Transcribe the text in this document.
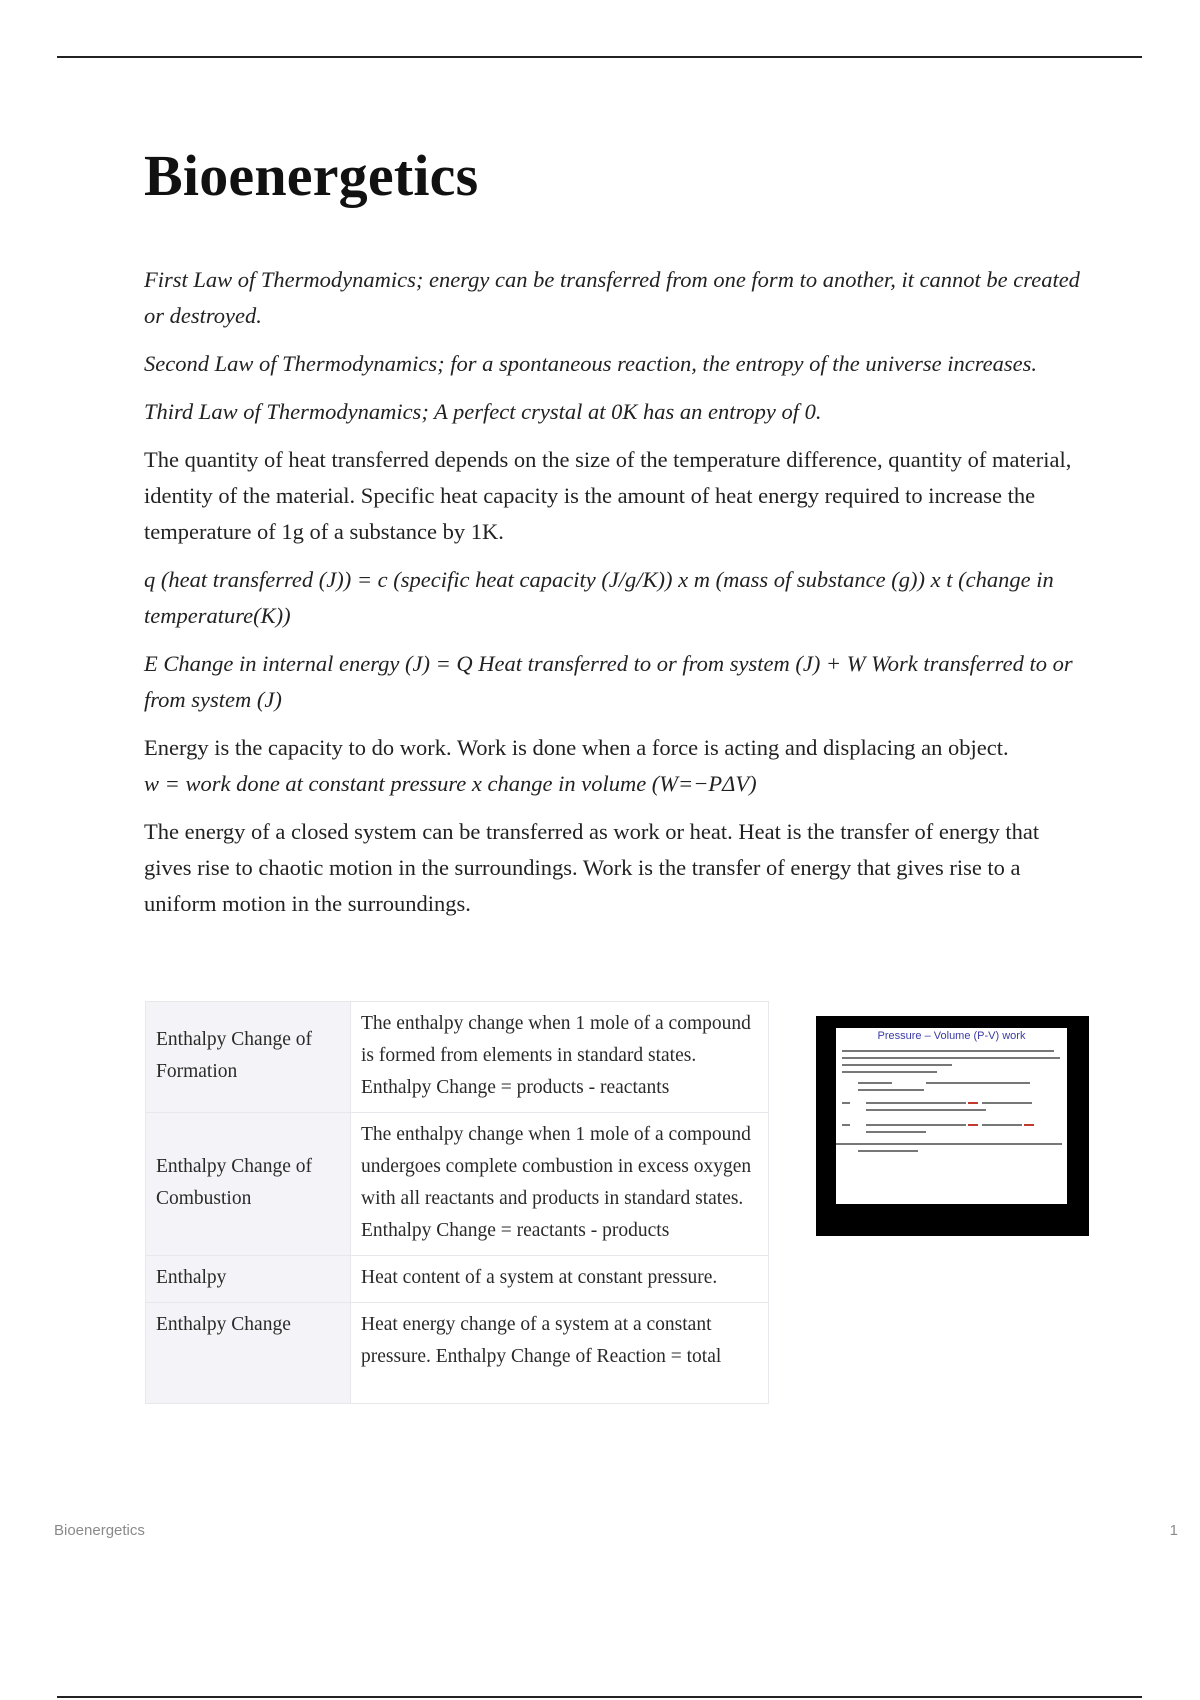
Bioenergetics

First Law of Thermodynamics; energy can be transferred from one form to another, it cannot be created or destroyed.

Second Law of Thermodynamics; for a spontaneous reaction, the entropy of the universe increases.

Third Law of Thermodynamics; A perfect crystal at 0K has an entropy of 0.

The quantity of heat transferred depends on the size of the temperature difference, quantity of material, identity of the material. Specific heat capacity is the amount of heat energy required to increase the temperature of 1g of a substance by 1K.

q (heat transferred (J)) = c (specific heat capacity (J/g/K)) x m (mass of substance (g)) x t (change in temperature(K))

E Change in internal energy (J) = Q Heat transferred to or from system (J) + W Work transferred to or from system (J)

Energy is the capacity to do work. Work is done when a force is acting and displacing an object.
w = work done at constant pressure x change in volume (W=−PΔV)

The energy of a closed system can be transferred as work or heat. Heat is the transfer of energy that gives rise to chaotic motion in the surroundings. Work is the transfer of energy that gives rise to a uniform motion in the surroundings.

Enthalpy Change of Formation	The enthalpy change when 1 mole of a compound is formed from elements in standard states. Enthalpy Change = products - reactants
Enthalpy Change of Combustion	The enthalpy change when 1 mole of a compound undergoes complete combustion in excess oxygen with all reactants and products in standard states. Enthalpy Change = reactants - products
Enthalpy	Heat content of a system at constant pressure.
Enthalpy Change	Heat energy change of a system at a constant pressure. Enthalpy Change of Reaction = total
Pressure – Volume (P-V) work
Bioenergetics	1
